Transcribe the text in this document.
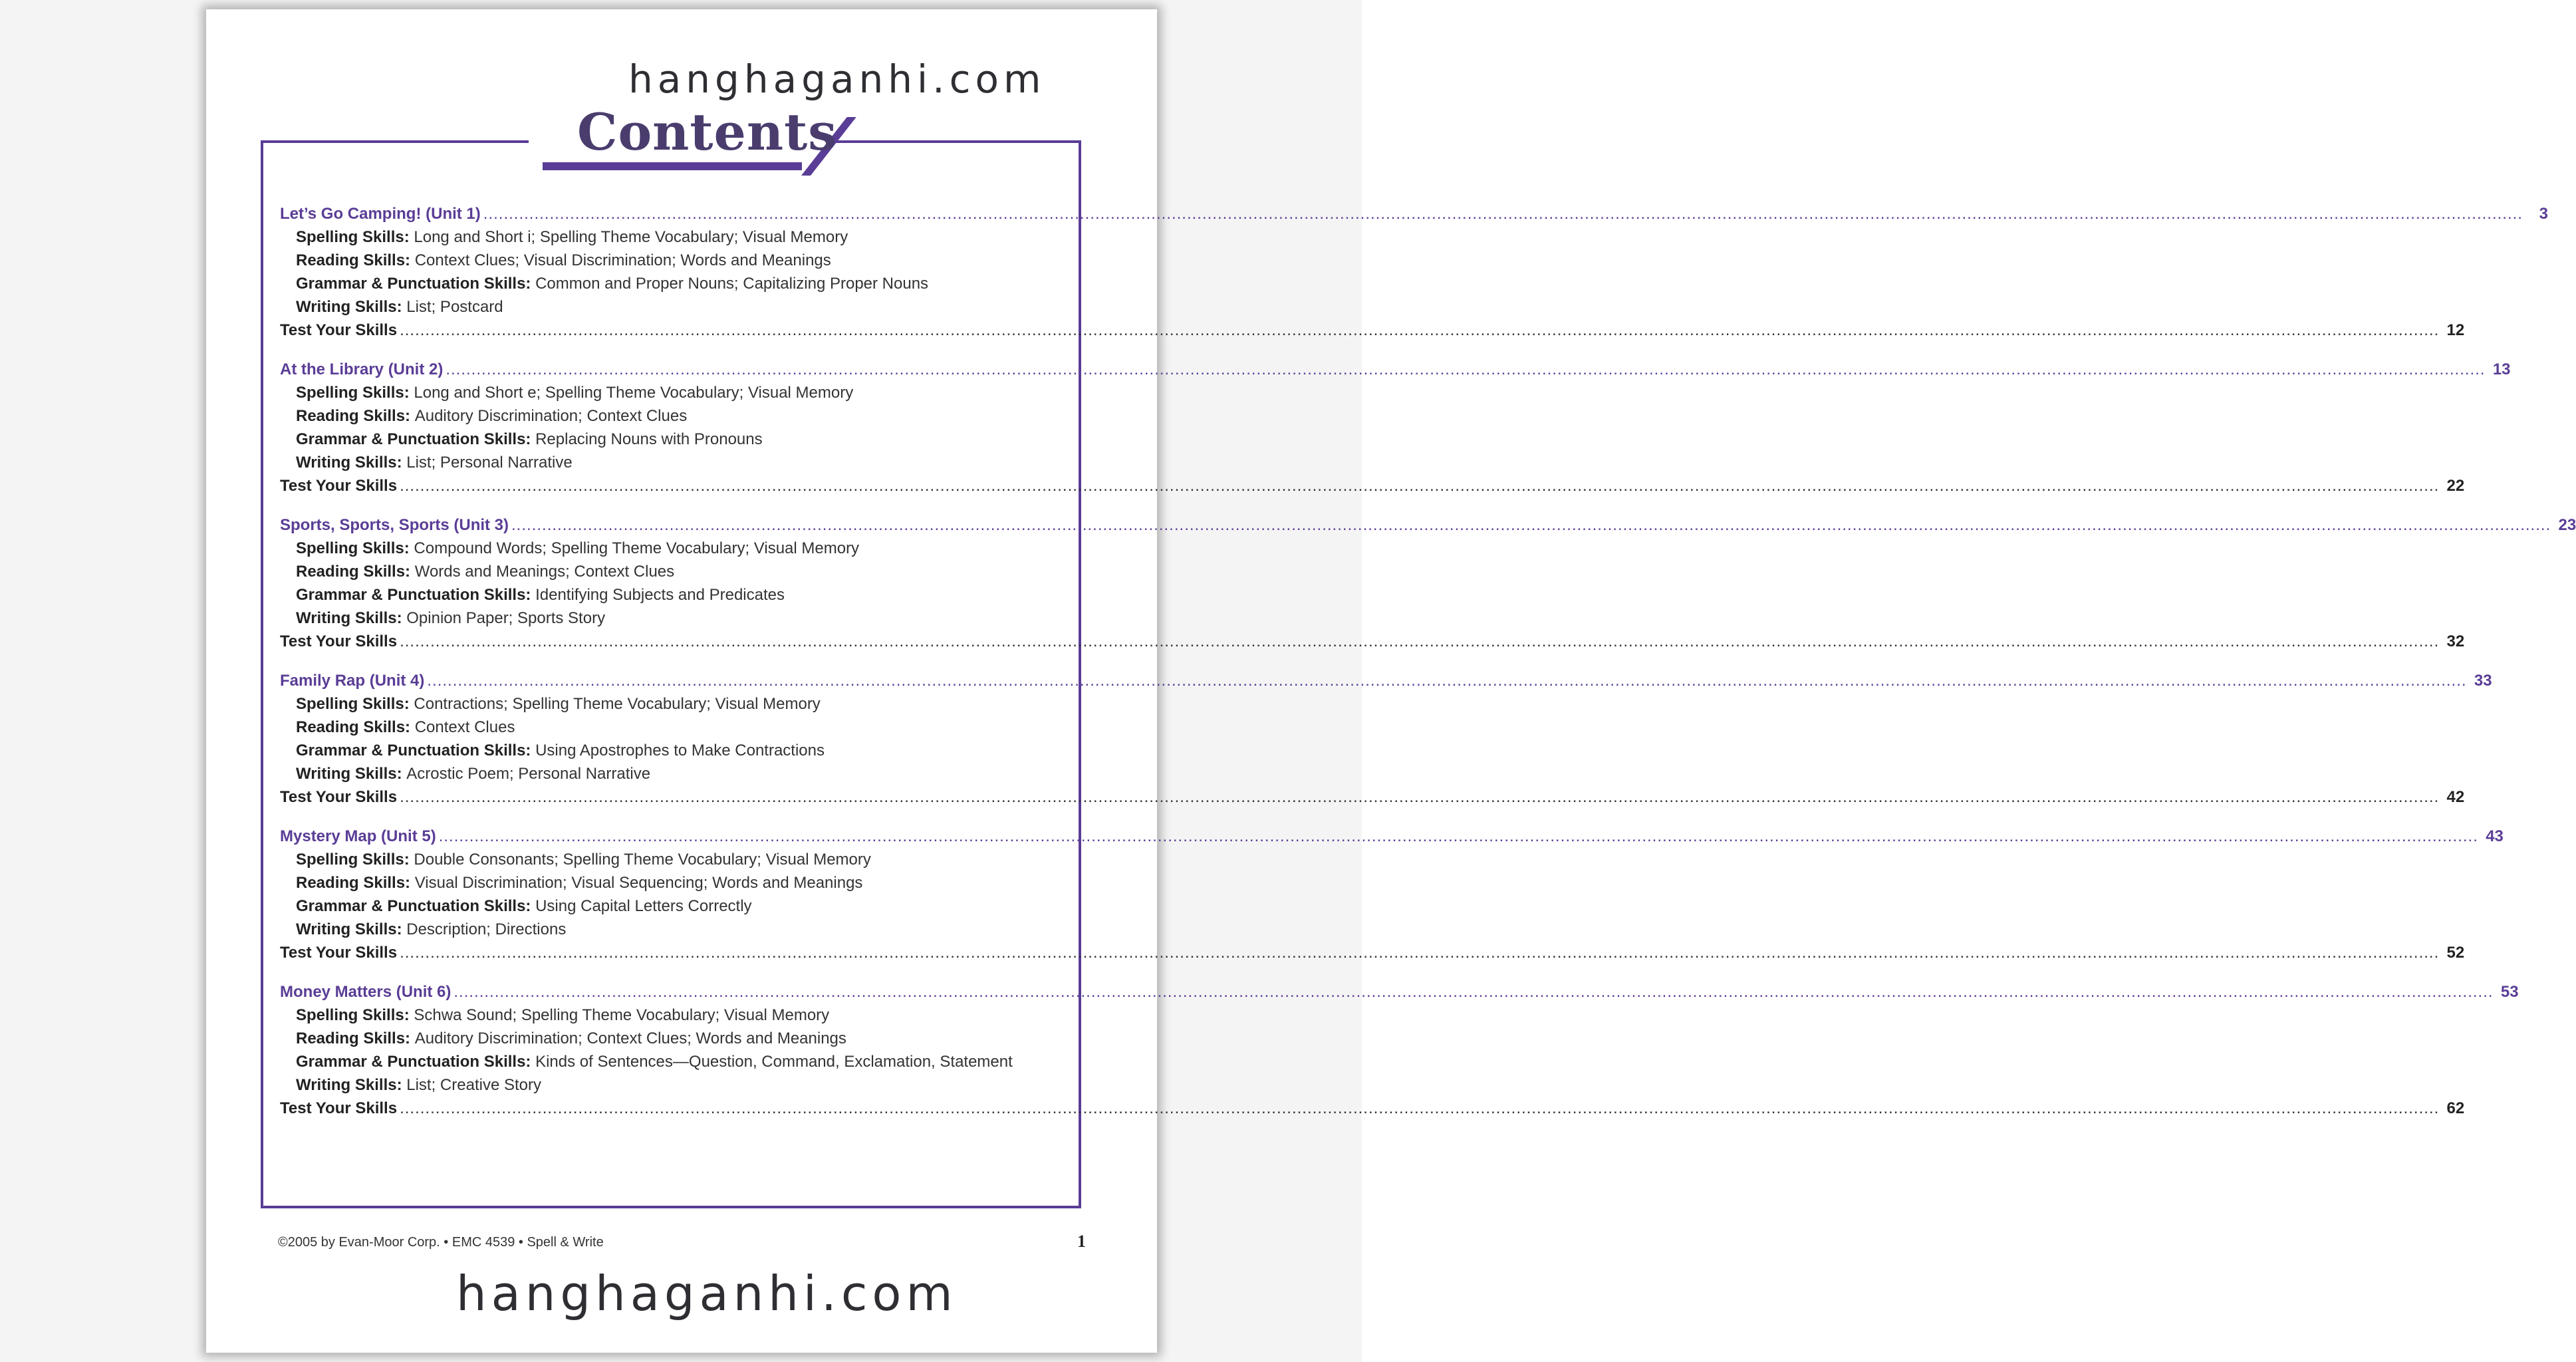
hanghaganhi.com
Contents
Let’s Go Camping! (Unit 1) ................................................................................................................................................................................................................................................................................................................................................................................................................	3
Spelling Skills:
Long and Short i; Spelling Theme Vocabulary; Visual Memory
Reading Skills:
Context Clues; Visual Discrimination; Words and Meanings
Grammar & Punctuation Skills:
Common and Proper Nouns; Capitalizing Proper Nouns
Writing Skills:
List; Postcard
Test Your Skills ................................................................................................................................................................................................................................................................................................................................................................................................................ 12
At the Library (Unit 2) ................................................................................................................................................................................................................................................................................................................................................................................................................ 13
Spelling Skills:
Long and Short e; Spelling Theme Vocabulary; Visual Memory
Reading Skills:
Auditory Discrimination; Context Clues
Grammar & Punctuation Skills:
Replacing Nouns with Pronouns
Writing Skills:
List; Personal Narrative
Test Your Skills ................................................................................................................................................................................................................................................................................................................................................................................................................ 22
Sports, Sports, Sports (Unit 3) ................................................................................................................................................................................................................................................................................................................................................................................................................ 23
Spelling Skills:
Compound Words; Spelling Theme Vocabulary; Visual Memory
Reading Skills:
Words and Meanings; Context Clues
Grammar & Punctuation Skills:
Identifying Subjects and Predicates
Writing Skills:
Opinion Paper; Sports Story
Test Your Skills ................................................................................................................................................................................................................................................................................................................................................................................................................ 32
Family Rap (Unit 4) ................................................................................................................................................................................................................................................................................................................................................................................................................ 33
Spelling Skills:
Contractions; Spelling Theme Vocabulary; Visual Memory
Reading Skills:
Context Clues
Grammar & Punctuation Skills:
Using Apostrophes to Make Contractions
Writing Skills:
Acrostic Poem; Personal Narrative
Test Your Skills ................................................................................................................................................................................................................................................................................................................................................................................................................ 42
Mystery Map (Unit 5) ................................................................................................................................................................................................................................................................................................................................................................................................................ 43
Spelling Skills:
Double Consonants; Spelling Theme Vocabulary; Visual Memory
Reading Skills:
Visual Discrimination; Visual Sequencing; Words and Meanings
Grammar & Punctuation Skills:
Using Capital Letters Correctly
Writing Skills:
Description; Directions
Test Your Skills ................................................................................................................................................................................................................................................................................................................................................................................................................ 52
Money Matters (Unit 6) ................................................................................................................................................................................................................................................................................................................................................................................................................ 53
Spelling Skills:
Schwa Sound; Spelling Theme Vocabulary; Visual Memory
Reading Skills:
Auditory Discrimination; Context Clues; Words and Meanings
Grammar & Punctuation Skills:
Kinds of Sentences—Question, Command, Exclamation, Statement
Writing Skills:
List; Creative Story
Test Your Skills ................................................................................................................................................................................................................................................................................................................................................................................................................ 62
©2005 by Evan-Moor Corp. • EMC 4539 • Spell & Write	1
hanghaganhi.com
